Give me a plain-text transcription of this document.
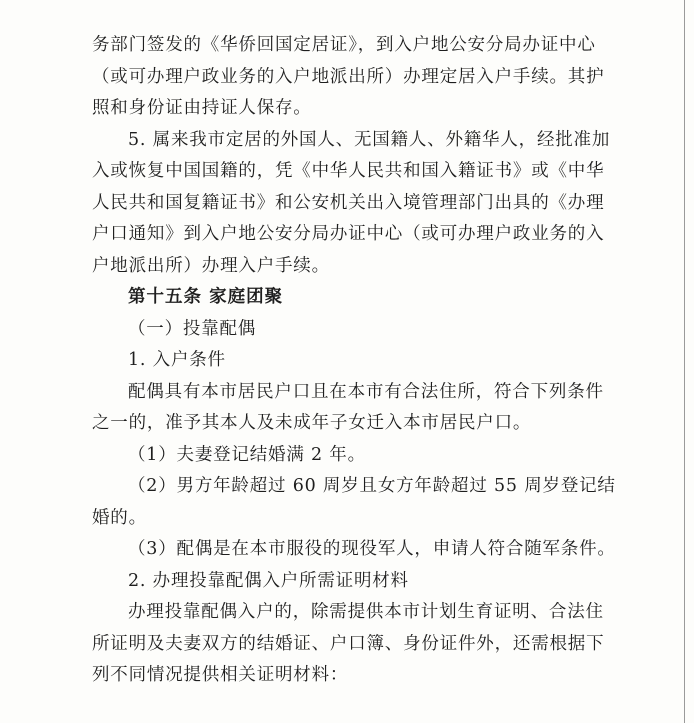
务部门签发的《华侨回国定居证》，到入户地公安分局办证中心
（或可办理户政业务的入户地派出所）办理定居入户手续。其护
照和身份证由持证人保存。
5. 属来我市定居的外国人、无国籍人、外籍华人，经批准加
入或恢复中国国籍的，凭《中华人民共和国入籍证书》或《中华
人民共和国复籍证书》和公安机关出入境管理部门出具的《办理
户口通知》到入户地公安分局办证中心（或可办理户政业务的入
户地派出所）办理入户手续。
第十五条 家庭团聚
（一）投靠配偶
1. 入户条件
配偶具有本市居民户口且在本市有合法住所，符合下列条件
之一的，准予其本人及未成年子女迁入本市居民户口。
（1）夫妻登记结婚满 2 年。
（2）男方年龄超过 60 周岁且女方年龄超过 55 周岁登记结
婚的。
（3）配偶是在本市服役的现役军人，申请人符合随军条件。
2. 办理投靠配偶入户所需证明材料
办理投靠配偶入户的，除需提供本市计划生育证明、合法住
所证明及夫妻双方的结婚证、户口簿、身份证件外，还需根据下
列不同情况提供相关证明材料：
